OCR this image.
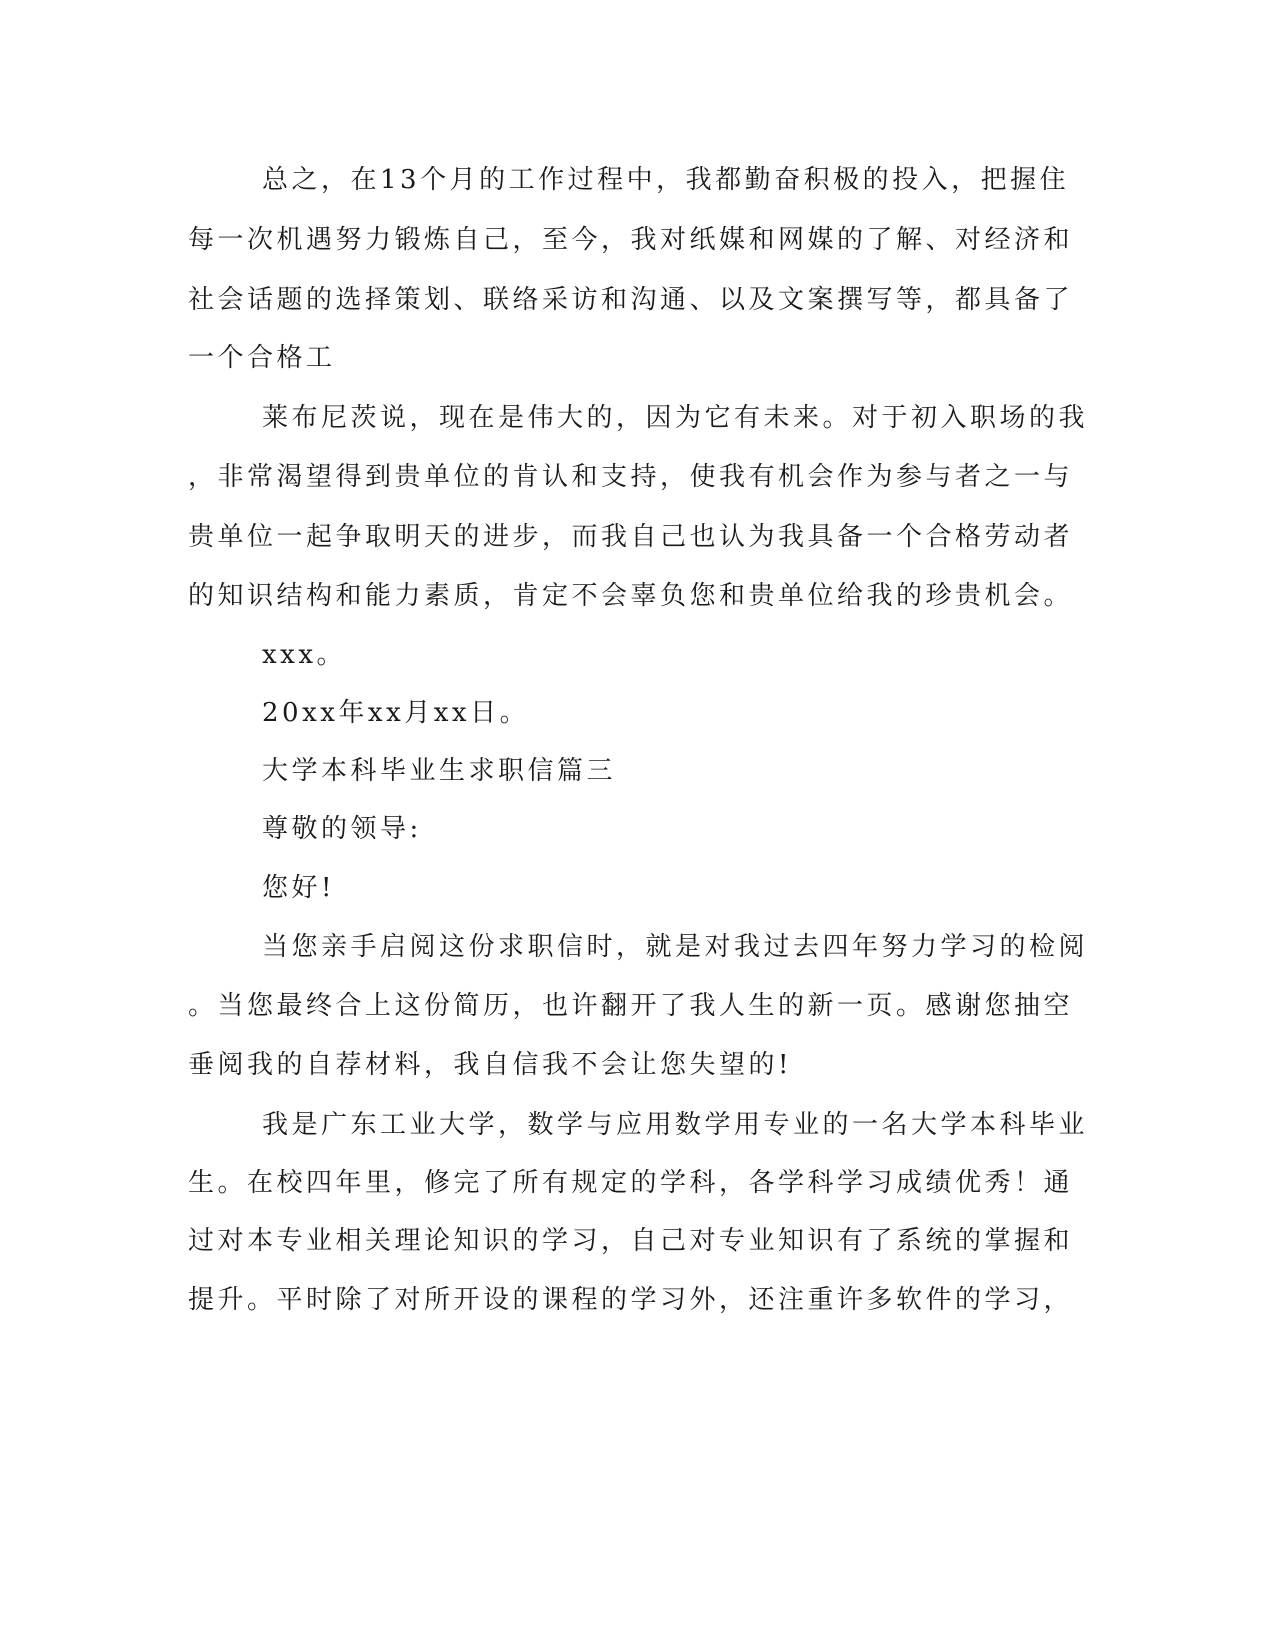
总之，在13个月的工作过程中，我都勤奋积极的投入，把握住
每一次机遇努力锻炼自己，至今，我对纸媒和网媒的了解、对经济和
社会话题的选择策划、联络采访和沟通、以及文案撰写等，都具备了
一个合格工
莱布尼茨说，现在是伟大的，因为它有未来。对于初入职场的我
，非常渴望得到贵单位的肯认和支持，使我有机会作为参与者之一与
贵单位一起争取明天的进步，而我自己也认为我具备一个合格劳动者
的知识结构和能力素质，肯定不会辜负您和贵单位给我的珍贵机会。
xxx。
20xx年xx月xx日。
大学本科毕业生求职信篇三
尊敬的领导:
您好!
当您亲手启阅这份求职信时，就是对我过去四年努力学习的检阅
。当您最终合上这份简历，也许翻开了我人生的新一页。感谢您抽空
垂阅我的自荐材料，我自信我不会让您失望的!
我是广东工业大学，数学与应用数学用专业的一名大学本科毕业
生。在校四年里，修完了所有规定的学科，各学科学习成绩优秀！通
过对本专业相关理论知识的学习，自己对专业知识有了系统的掌握和
提升。平时除了对所开设的课程的学习外，还注重许多软件的学习，
